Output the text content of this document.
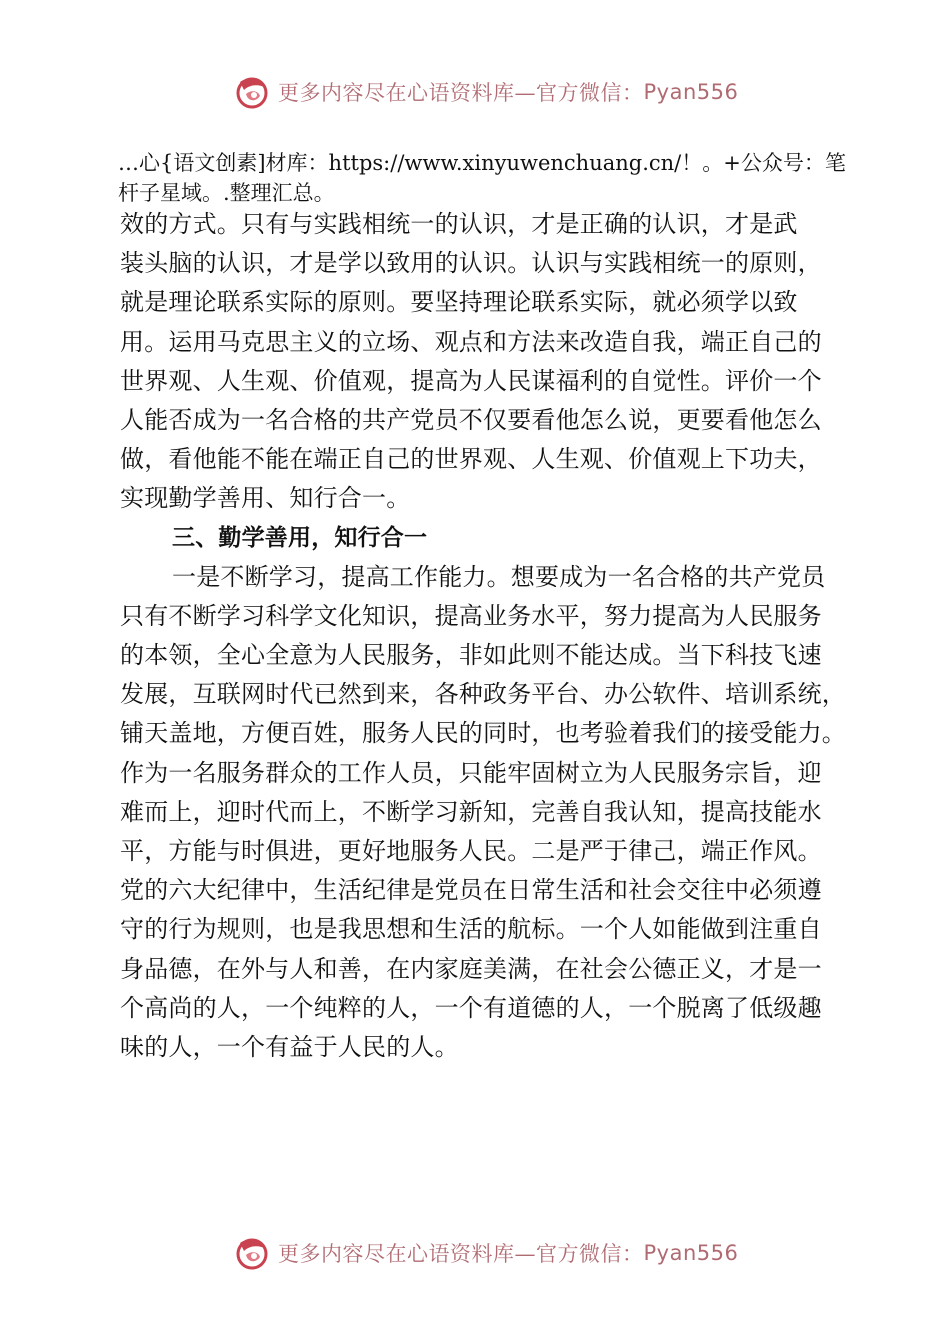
更多内容尽在心语资料库—官方微信： Pyan556
…心{语文创素]材库：https://www.xinyuwenchuang.cn/！。+公众号：笔杆子星域。.整理汇总。
效的方式。只有与实践相统一的认识，才是正确的认识，才是武
装头脑的认识，才是学以致用的认识。认识与实践相统一的原则，
就是理论联系实际的原则。要坚持理论联系实际，就必须学以致
用。运用马克思主义的立场、观点和方法来改造自我，端正自己的
世界观、人生观、价值观，提高为人民谋福利的自觉性。评价一个
人能否成为一名合格的共产党员不仅要看他怎么说，更要看他怎么
做，看他能不能在端正自己的世界观、人生观、价值观上下功夫，
实现勤学善用、知行合一。
三、勤学善用，知行合一
一是不断学习，提高工作能力。想要成为一名合格的共产党员
只有不断学习科学文化知识，提高业务水平，努力提高为人民服务
的本领，全心全意为人民服务，非如此则不能达成。当下科技飞速
发展，互联网时代已然到来，各种政务平台、办公软件、培训系统，
铺天盖地，方便百姓，服务人民的同时，也考验着我们的接受能力。
作为一名服务群众的工作人员，只能牢固树立为人民服务宗旨，迎
难而上，迎时代而上，不断学习新知，完善自我认知，提高技能水
平，方能与时俱进，更好地服务人民。二是严于律己，端正作风。
党的六大纪律中，生活纪律是党员在日常生活和社会交往中必须遵
守的行为规则，也是我思想和生活的航标。一个人如能做到注重自
身品德，在外与人和善，在内家庭美满，在社会公德正义，才是一
个高尚的人，一个纯粹的人，一个有道德的人，一个脱离了低级趣
味的人，一个有益于人民的人。
更多内容尽在心语资料库—官方微信： Pyan556
